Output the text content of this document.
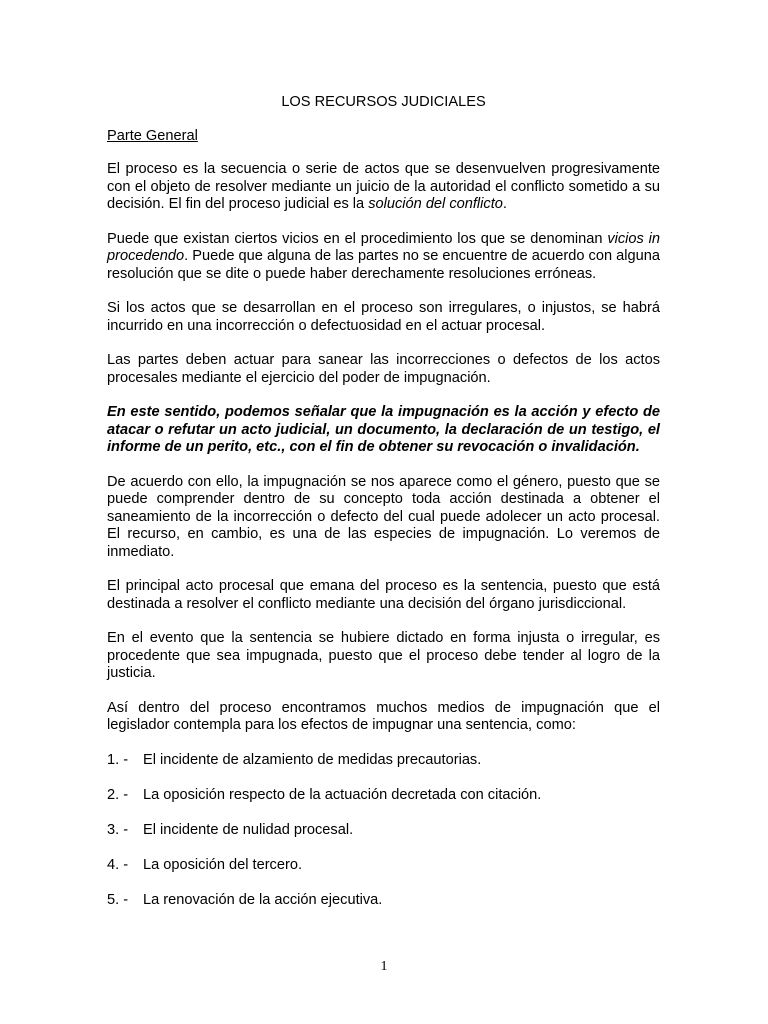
LOS RECURSOS JUDICIALES
Parte General

El proceso es la secuencia o serie de actos que se desenvuelven progresivamente con el objeto de resolver mediante un juicio de la autoridad el conflicto sometido a su decisión. El fin del proceso judicial es la solución del conflicto.

Puede que existan ciertos vicios en el procedimiento los que se denominan vicios in procedendo. Puede que alguna de las partes no se encuentre de acuerdo con alguna resolución que se dite o puede haber derechamente resoluciones erróneas.

Si los actos que se desarrollan en el proceso son irregulares, o injustos, se habrá incurrido en una incorrección o defectuosidad en el actuar procesal.

Las partes deben actuar para sanear las incorrecciones o defectos de los actos procesales mediante el ejercicio del poder de impugnación.

En este sentido, podemos señalar que la impugnación es la acción y efecto de atacar o refutar un acto judicial, un documento, la declaración de un testigo, el informe de un perito, etc., con el fin de obtener su revocación o invalidación.

De acuerdo con ello, la impugnación se nos aparece como el género, puesto que se puede comprender dentro de su concepto toda acción destinada a obtener el saneamiento de la incorrección o defecto del cual puede adolecer un acto procesal. El recurso, en cambio, es una de las especies de impugnación. Lo veremos de inmediato.

El principal acto procesal que emana del proceso es la sentencia, puesto que está destinada a resolver el conflicto mediante una decisión del órgano jurisdiccional.

En el evento que la sentencia se hubiere dictado en forma injusta o irregular, es procedente que sea impugnada, puesto que el proceso debe tender al logro de la justicia.

Así dentro del proceso encontramos muchos medios de impugnación que el legislador contempla para los efectos de impugnar una sentencia, como:

1. -	El incidente de alzamiento de medidas precautorias.
2. -	La oposición respecto de la actuación decretada con citación.
3. -	El incidente de nulidad procesal.
4. -	La oposición del tercero.
5. -	La renovación de la acción ejecutiva.
1
